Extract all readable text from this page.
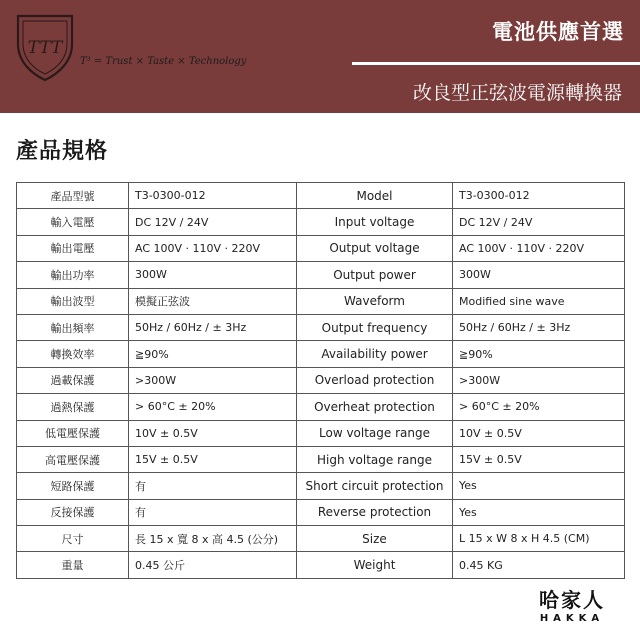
TTT
T³ = Trust × Taste × Technology
電池供應首選
改良型正弦波電源轉換器
產品規格
產品型號	T3-0300-012	Model	T3-0300-012
輸入電壓	DC 12V / 24V	Input voltage	DC 12V / 24V
輸出電壓	AC 100V · 110V · 220V	Output voltage	AC 100V · 110V · 220V
輸出功率	300W	Output power	300W
輸出波型	模擬正弦波	Waveform	Modified sine wave
輸出頻率	50Hz / 60Hz / ± 3Hz	Output frequency	50Hz / 60Hz / ± 3Hz
轉換效率	≧90%	Availability power	≧90%
過載保護	>300W	Overload protection	>300W
過熱保護	> 60°C ± 20%	Overheat protection	> 60°C ± 20%
低電壓保護	10V ± 0.5V	Low voltage range	10V ± 0.5V
高電壓保護	15V ± 0.5V	High voltage range	15V ± 0.5V
短路保護	有	Short circuit protection	Yes
反接保護	有	Reverse protection	Yes
尺寸	長 15 x 寬 8 x 高 4.5 (公分)	Size	L 15 x W 8 x H 4.5 (CM)
重量	0.45 公斤	Weight	0.45 KG
哈家人
HAKKA
